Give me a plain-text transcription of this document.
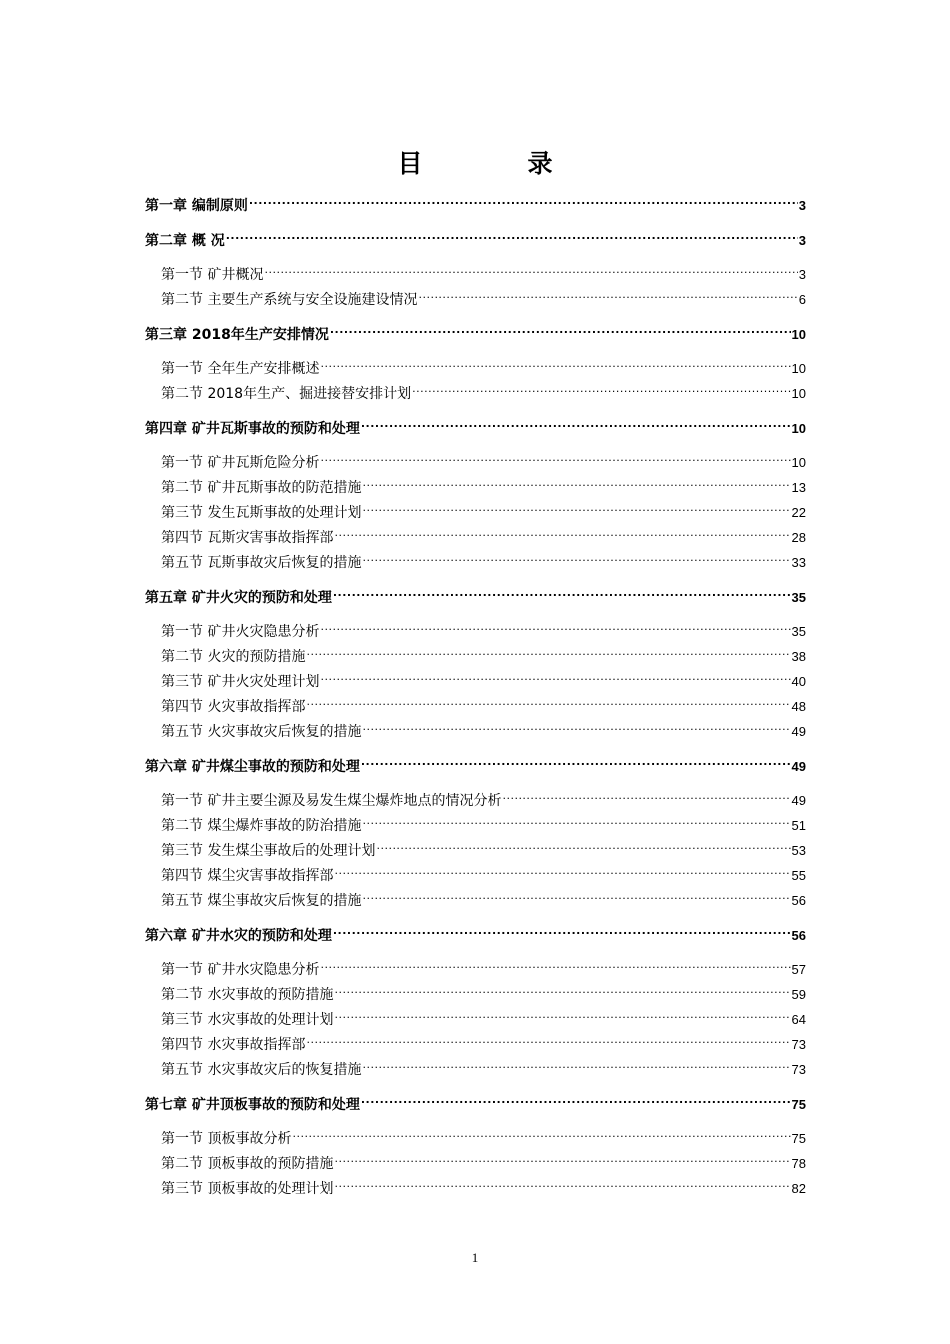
目　录
第一章 编制原则 .....	3
第二章 概 况 .....	3
第一节 矿井概况 .....	3
第二节 主要生产系统与安全设施建设情况 .....	6
第三章 2018年生产安排情况 .....	10
第一节 全年生产安排概述 .....	10
第二节 2018年生产、掘进接替安排计划 .....	10
第四章 矿井瓦斯事故的预防和处理 .....	10
第一节 矿井瓦斯危险分析 .....	10
第二节 矿井瓦斯事故的防范措施 .....	13
第三节 发生瓦斯事故的处理计划 .....	22
第四节 瓦斯灾害事故指挥部 .....	28
第五节 瓦斯事故灾后恢复的措施 .....	33
第五章 矿井火灾的预防和处理 .....	35
第一节 矿井火灾隐患分析 .....	35
第二节 火灾的预防措施 .....	38
第三节 矿井火灾处理计划 .....	40
第四节 火灾事故指挥部 .....	48
第五节 火灾事故灾后恢复的措施 .....	49
第六章 矿井煤尘事故的预防和处理 .....	49
第一节 矿井主要尘源及易发生煤尘爆炸地点的情况分析 .....	49
第二节 煤尘爆炸事故的防治措施 .....	51
第三节 发生煤尘事故后的处理计划 .....	53
第四节 煤尘灾害事故指挥部 .....	55
第五节 煤尘事故灾后恢复的措施 .....	56
第六章 矿井水灾的预防和处理 .....	56
第一节 矿井水灾隐患分析 .....	57
第二节 水灾事故的预防措施 .....	59
第三节 水灾事故的处理计划 .....	64
第四节 水灾事故指挥部 .....	73
第五节 水灾事故灾后的恢复措施 .....	73
第七章 矿井顶板事故的预防和处理 .....	75
第一节 顶板事故分析 .....	75
第二节 顶板事故的预防措施 .....	78
第三节 顶板事故的处理计划 .....	82
1
